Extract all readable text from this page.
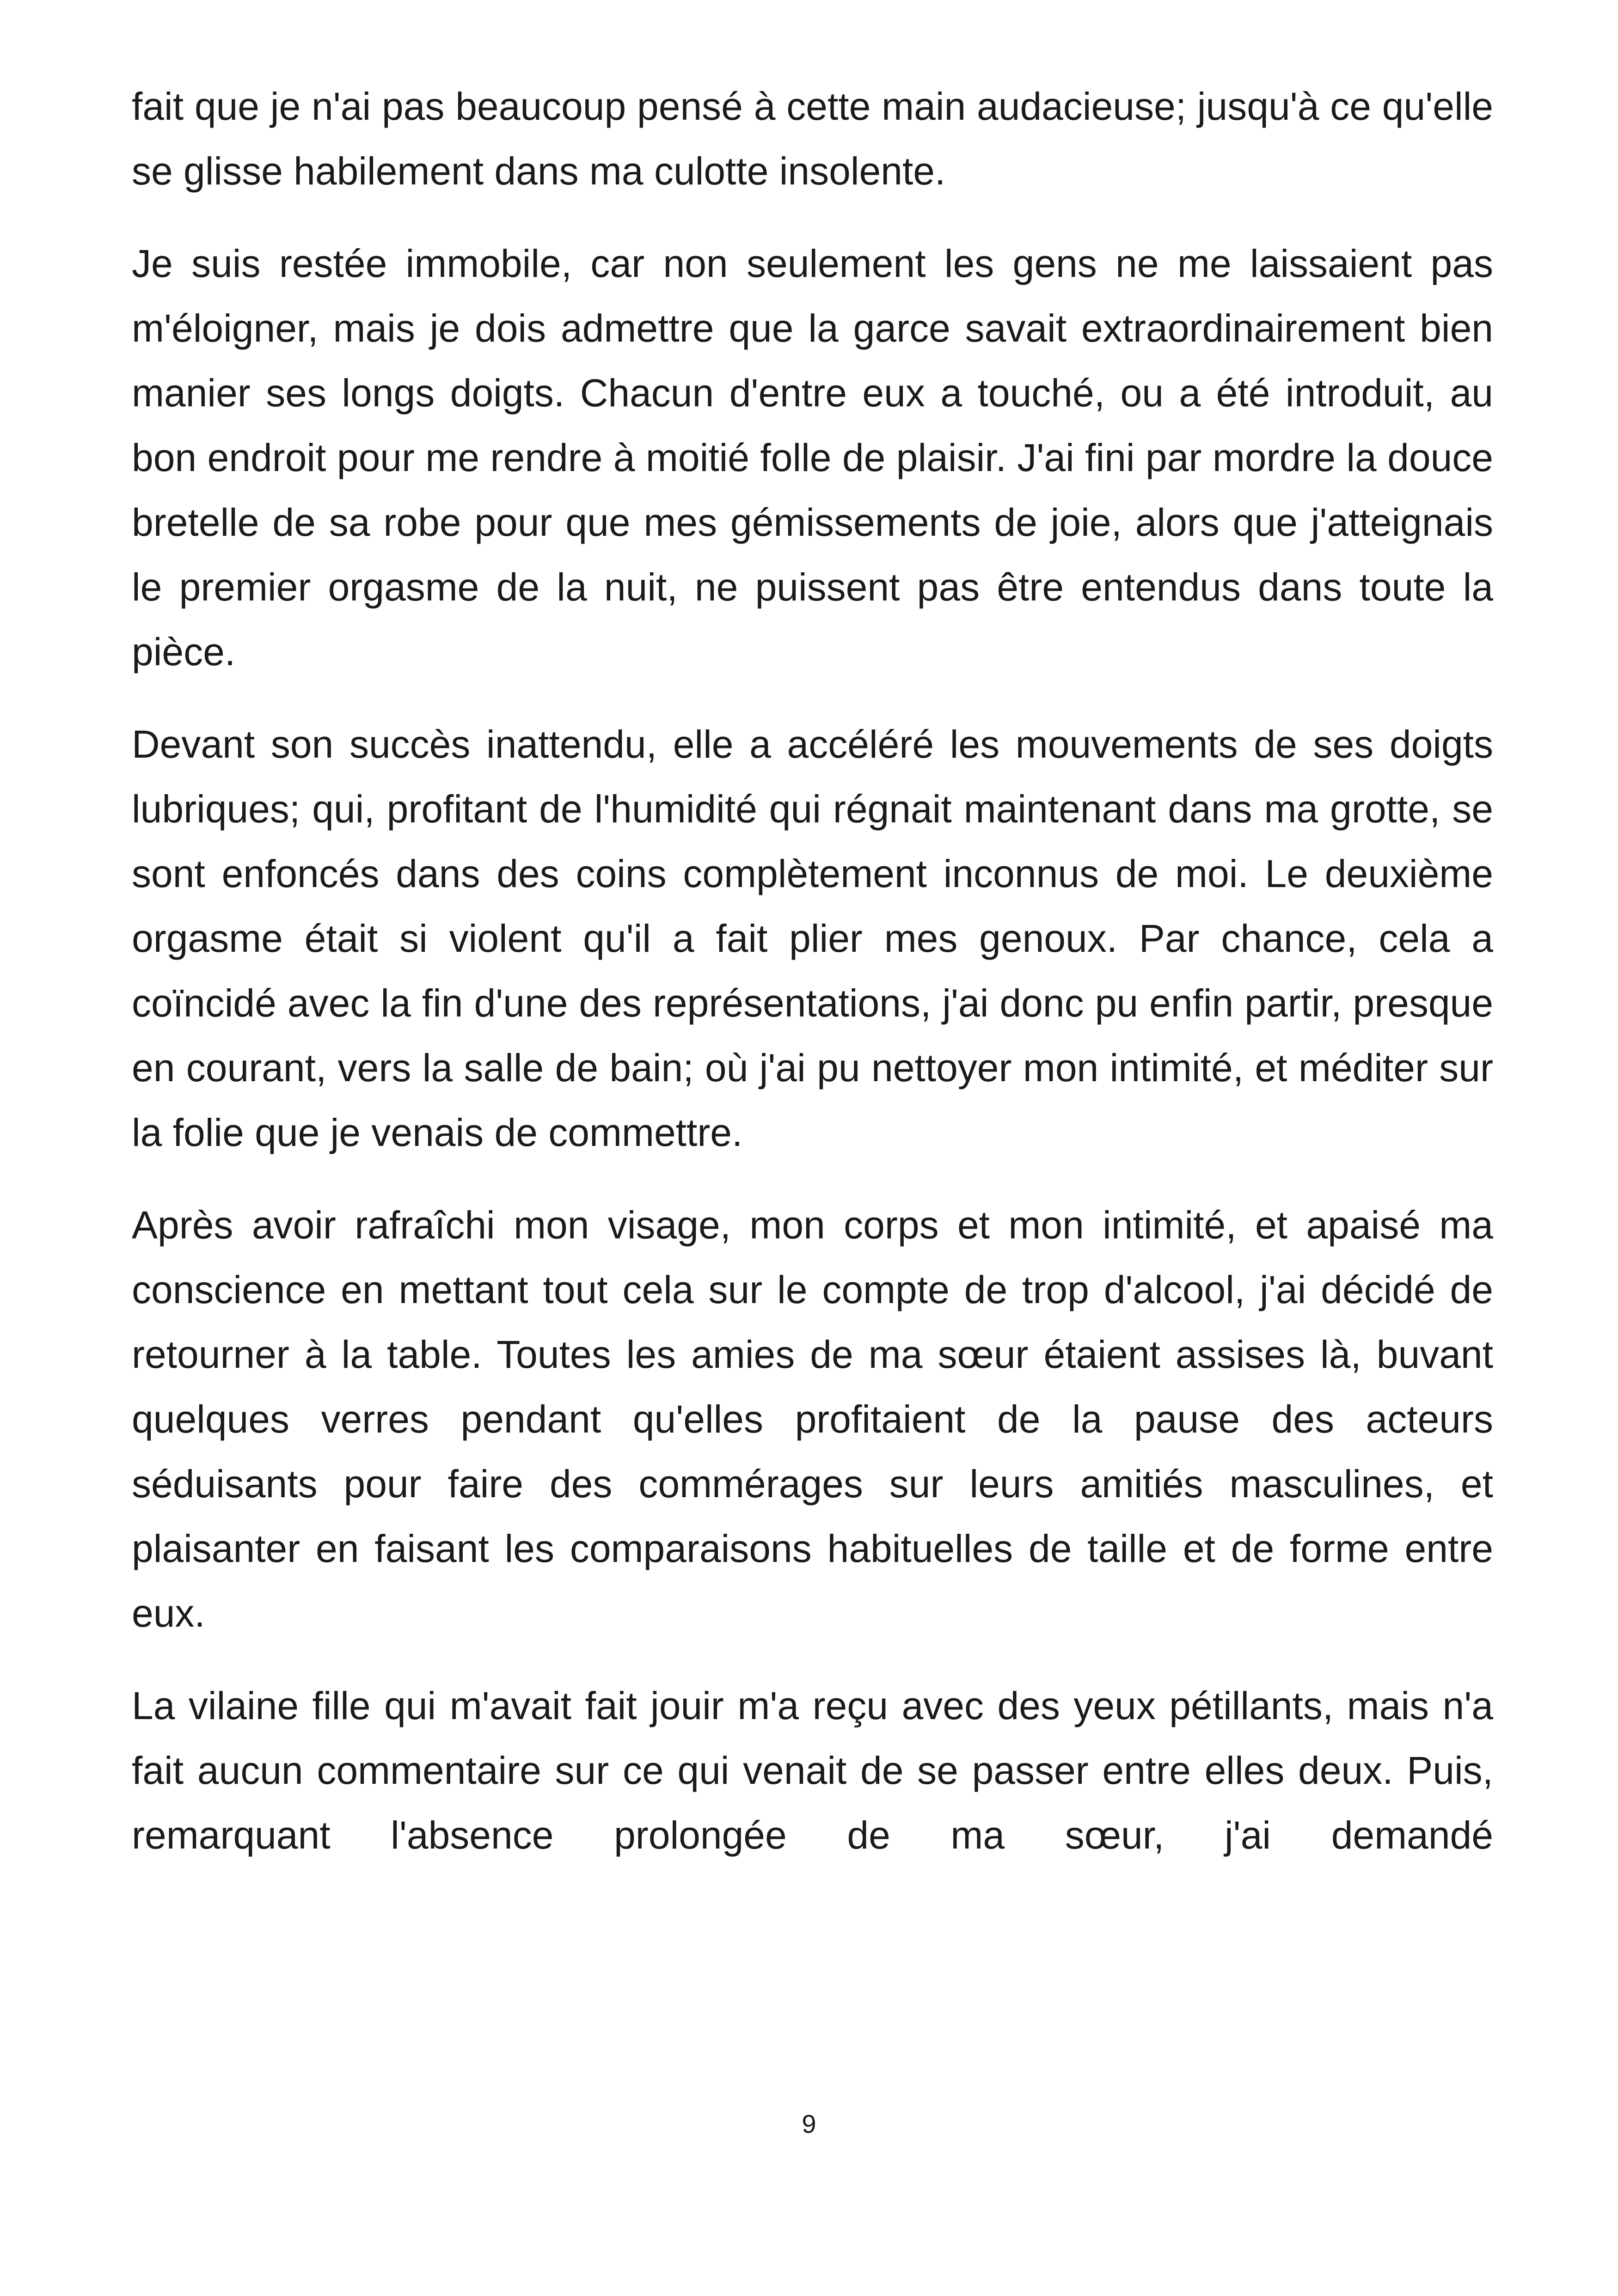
fait que je n'ai pas beaucoup pensé à cette main audacieuse; jusqu'à ce qu'elle se glisse habilement dans ma culotte insolente.

Je suis restée immobile, car non seulement les gens ne me laissaient pas m'éloigner, mais je dois admettre que la garce savait extraordinairement bien manier ses longs doigts. Chacun d'entre eux a touché, ou a été introduit, au bon endroit pour me rendre à moitié folle de plaisir. J'ai fini par mordre la douce bretelle de sa robe pour que mes gémissements de joie, alors que j'atteignais le premier orgasme de la nuit, ne puissent pas être entendus dans toute la pièce.

Devant son succès inattendu, elle a accéléré les mouvements de ses doigts lubriques; qui, profitant de l'humidité qui régnait maintenant dans ma grotte, se sont enfoncés dans des coins complètement inconnus de moi. Le deuxième orgasme était si violent qu'il a fait plier mes genoux. Par chance, cela a coïncidé avec la fin d'une des représentations, j'ai donc pu enfin partir, presque en courant, vers la salle de bain; où j'ai pu nettoyer mon intimité, et méditer sur la folie que je venais de commettre.

Après avoir rafraîchi mon visage, mon corps et mon intimité, et apaisé ma conscience en mettant tout cela sur le compte de trop d'alcool, j'ai décidé de retourner à la table. Toutes les amies de ma sœur étaient assises là, buvant quelques verres pendant qu'elles profitaient de la pause des acteurs séduisants pour faire des commérages sur leurs amitiés masculines, et plaisanter en faisant les comparaisons habituelles de taille et de forme entre eux.

La vilaine fille qui m'avait fait jouir m'a reçu avec des yeux pétillants, mais n'a fait aucun commentaire sur ce qui venait de se passer entre elles deux. Puis, remarquant l'absence prolongée de ma sœur, j'ai demandé

9
